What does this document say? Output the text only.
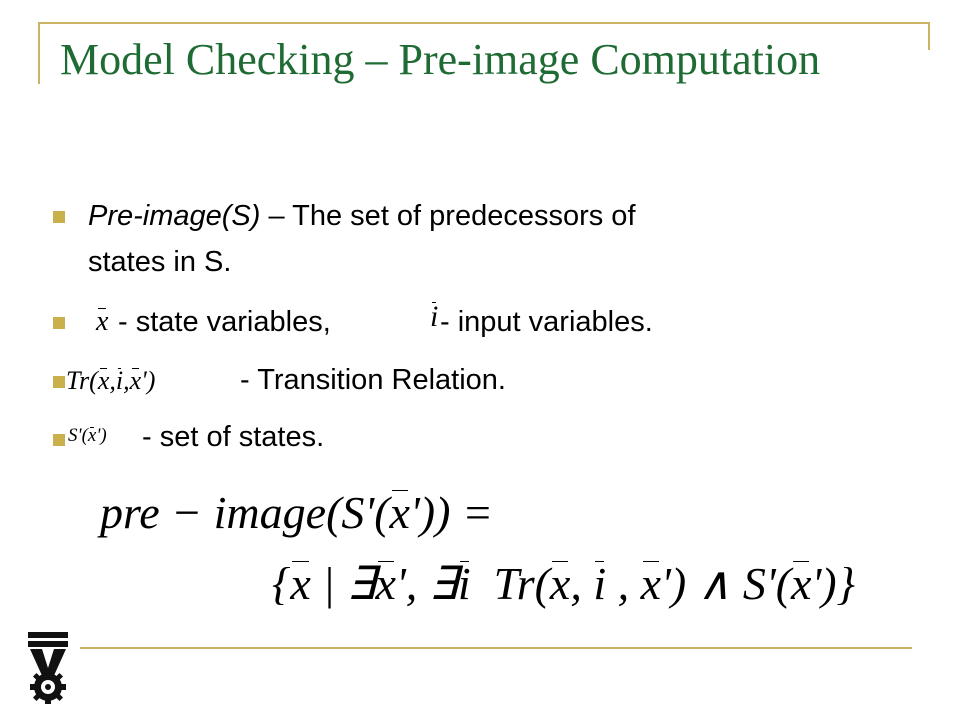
Model Checking – Pre-image Computation
Pre-image(S) – The set of predecessors of
states in S.
x - state variables,	i - input variables.
Tr(x,i,x')	- Transition Relation.
S'(x') - set of states.
pre − image(S'(x')) =
{x | ∃x', ∃i  Tr(x, i , x') ∧ S'(x')}
